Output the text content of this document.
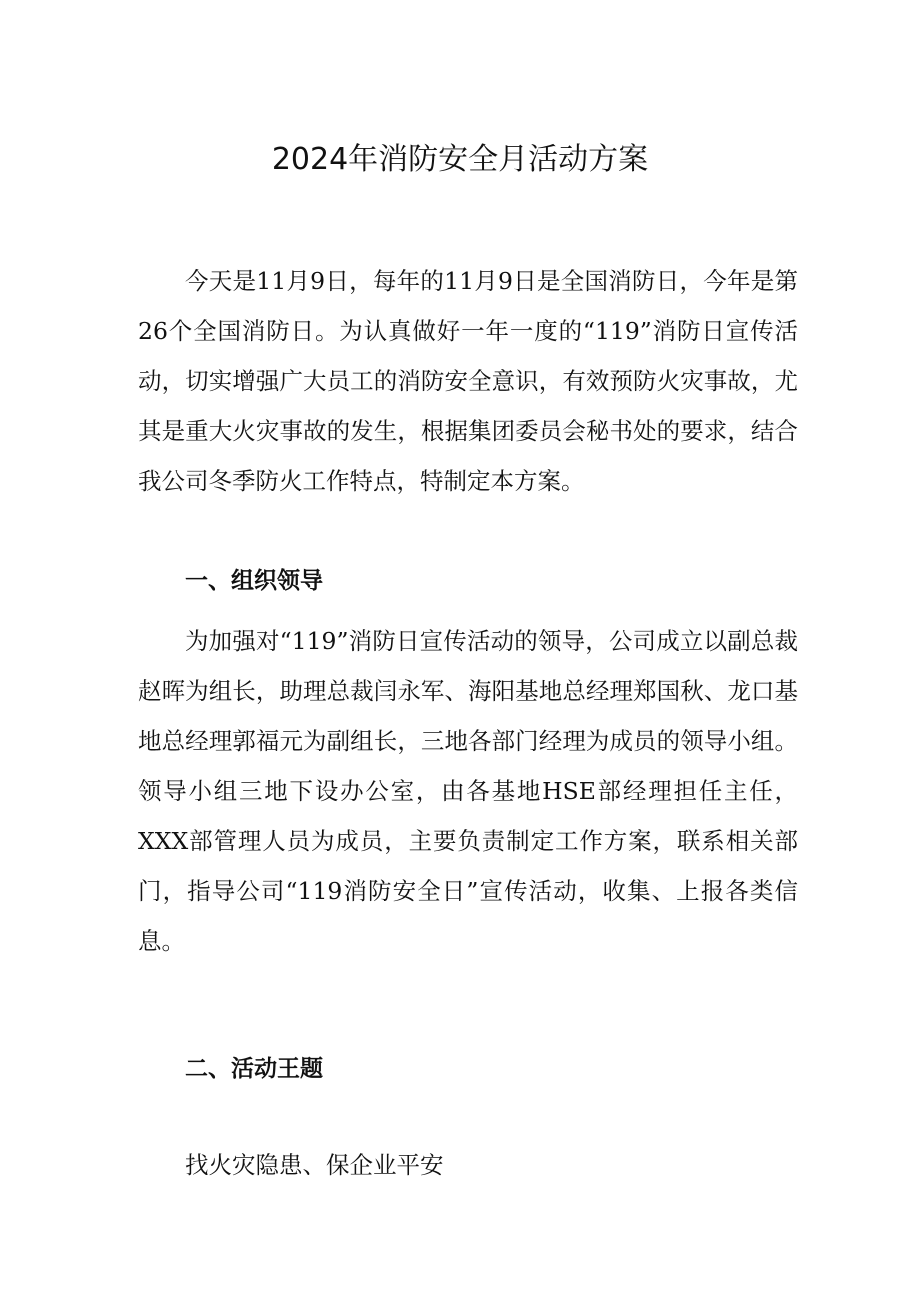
2024年消防安全月活动方案

今天是11月9日，每年的11月9日是全国消防日，今年是第26个全国消防日。为认真做好一年一度的“119”消防日宣传活动，切实增强广大员工的消防安全意识，有效预防火灾事故，尤其是重大火灾事故的发生，根据集团委员会秘书处的要求，结合我公司冬季防火工作特点，特制定本方案。

一、组织领导

为加强对“119”消防日宣传活动的领导，公司成立以副总裁赵晖为组长，助理总裁闫永军、海阳基地总经理郑国秋、龙口基地总经理郭福元为副组长，三地各部门经理为成员的领导小组。领导小组三地下设办公室，由各基地HSE部经理担任主任，XXX部管理人员为成员，主要负责制定工作方案，联系相关部门，指导公司“119消防安全日”宣传活动，收集、上报各类信息。

二、活动王题

找火灾隐患、保企业平安
